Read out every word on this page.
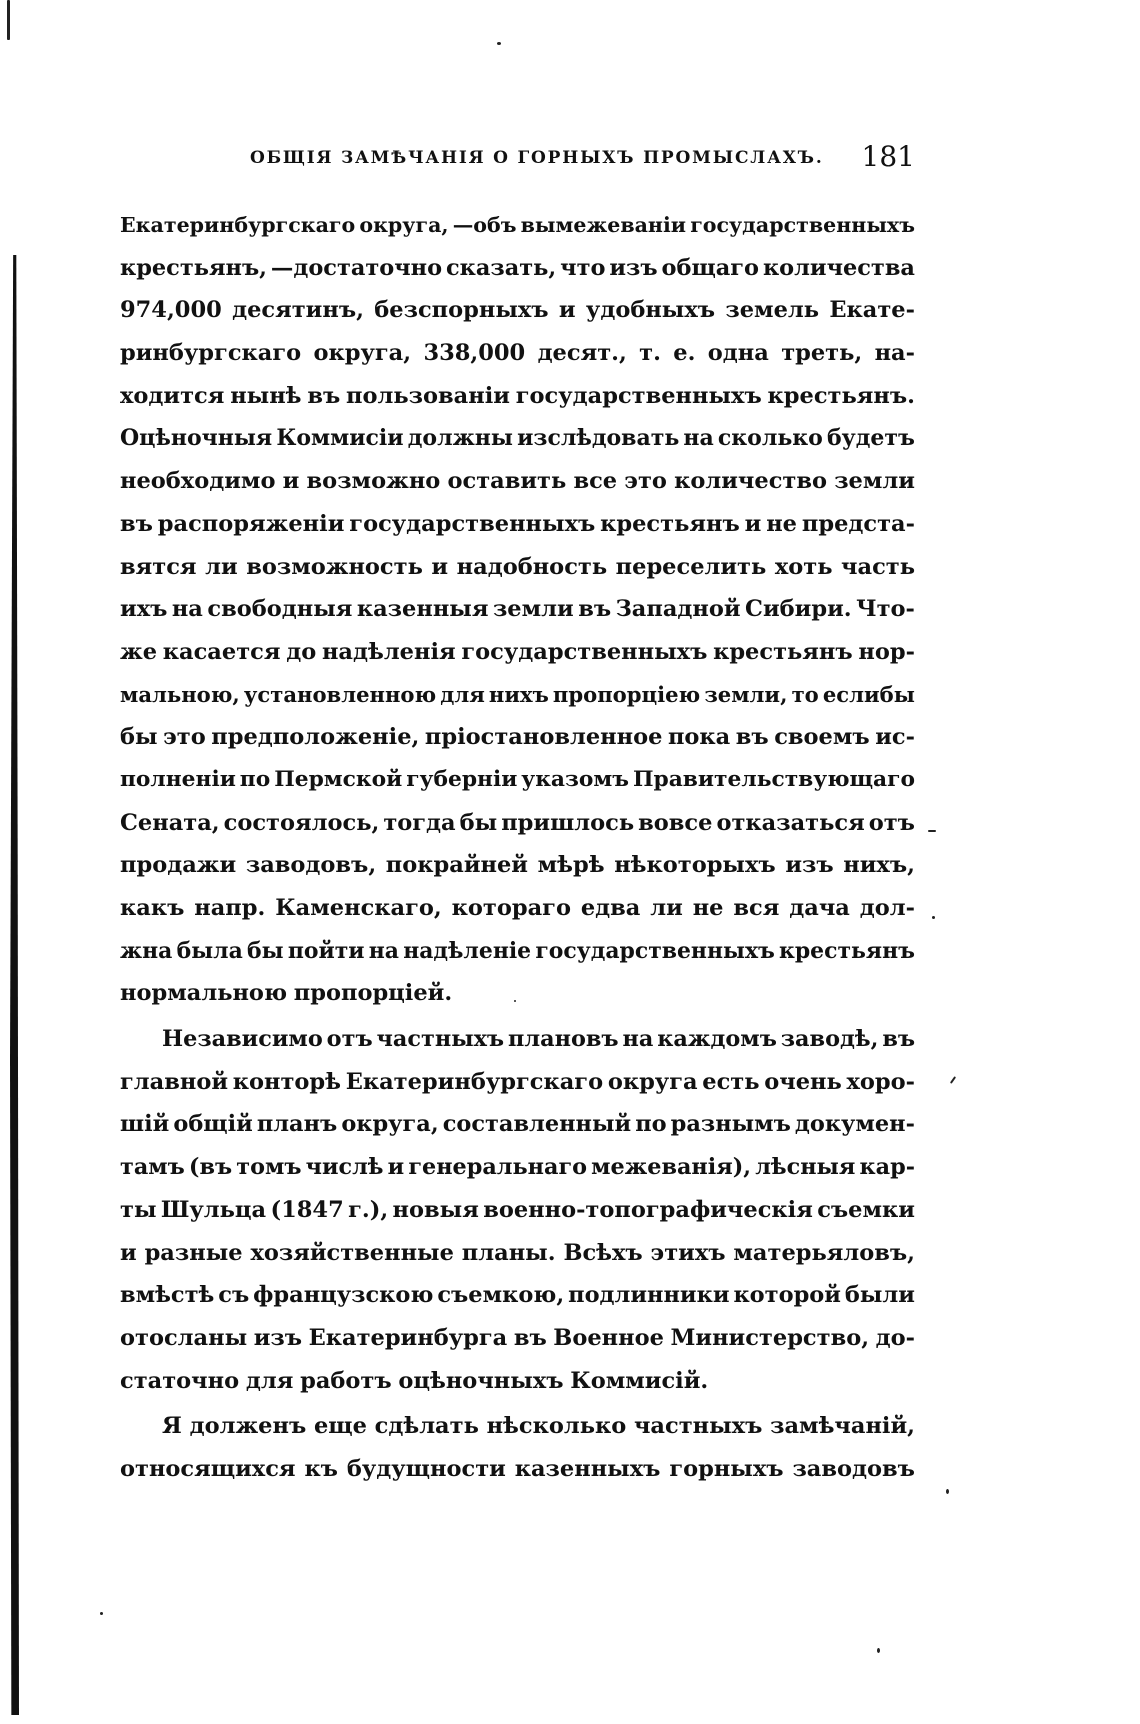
ОБЩІЯ ЗАМѢЧАНІЯ О ГОРНЫХЪ ПРОМЫСЛАХЪ. 181
Екатеринбургскаго округа, —объ вымежеваніи государственныхъ
крестьянъ, —достаточно сказать, что изъ общаго количества
974,000 десятинъ, безспорныхъ и удобныхъ земель Екате-
ринбургскаго округа, 338,000 десят., т. е. одна треть, на-
ходится нынѣ въ пользованіи государственныхъ крестьянъ.
Оцѣночныя Коммисіи должны изслѣдовать на сколько будетъ
необходимо и возможно оставить все это количество земли
въ распоряженіи государственныхъ крестьянъ и не предста-
вятся ли возможность и надобность переселить хоть часть
ихъ на свободныя казенныя земли въ Западной Сибири. Что-
же касается до надѣленія государственныхъ крестьянъ нор-
мальною, установленною для нихъ пропорціею земли, то еслибы
бы это предположеніе, пріостановленное пока въ своемъ ис-
полненіи по Пермской губерніи указомъ Правительствующаго
Сената, состоялось, тогда бы пришлось вовсе отказаться отъ
продажи заводовъ, покрайней мѣрѣ нѣкоторыхъ изъ нихъ,
какъ напр. Каменскаго, котораго едва ли не вся дача дол-
жна была бы пойти на надѣленіе государственныхъ крестьянъ
нормальною пропорціей.
Независимо отъ частныхъ плановъ на каждомъ заводѣ, въ
главной конторѣ Екатеринбургскаго округа есть очень хоро-
шій общій планъ округа, составленный по разнымъ докумен-
тамъ (въ томъ числѣ и генеральнаго межеванія), лѣсныя кар-
ты Шульца (1847 г.), новыя военно-топографическія съемки
и разные хозяйственные планы. Всѣхъ этихъ матерьяловъ,
вмѣстѣ съ французскою съемкою, подлинники которой были
отосланы изъ Екатеринбурга въ Военное Министерство, до-
статочно для работъ оцѣночныхъ Коммисій.
Я долженъ еще сдѣлать нѣсколько частныхъ замѣчаній,
относящихся къ будущности казенныхъ горныхъ заводовъ
